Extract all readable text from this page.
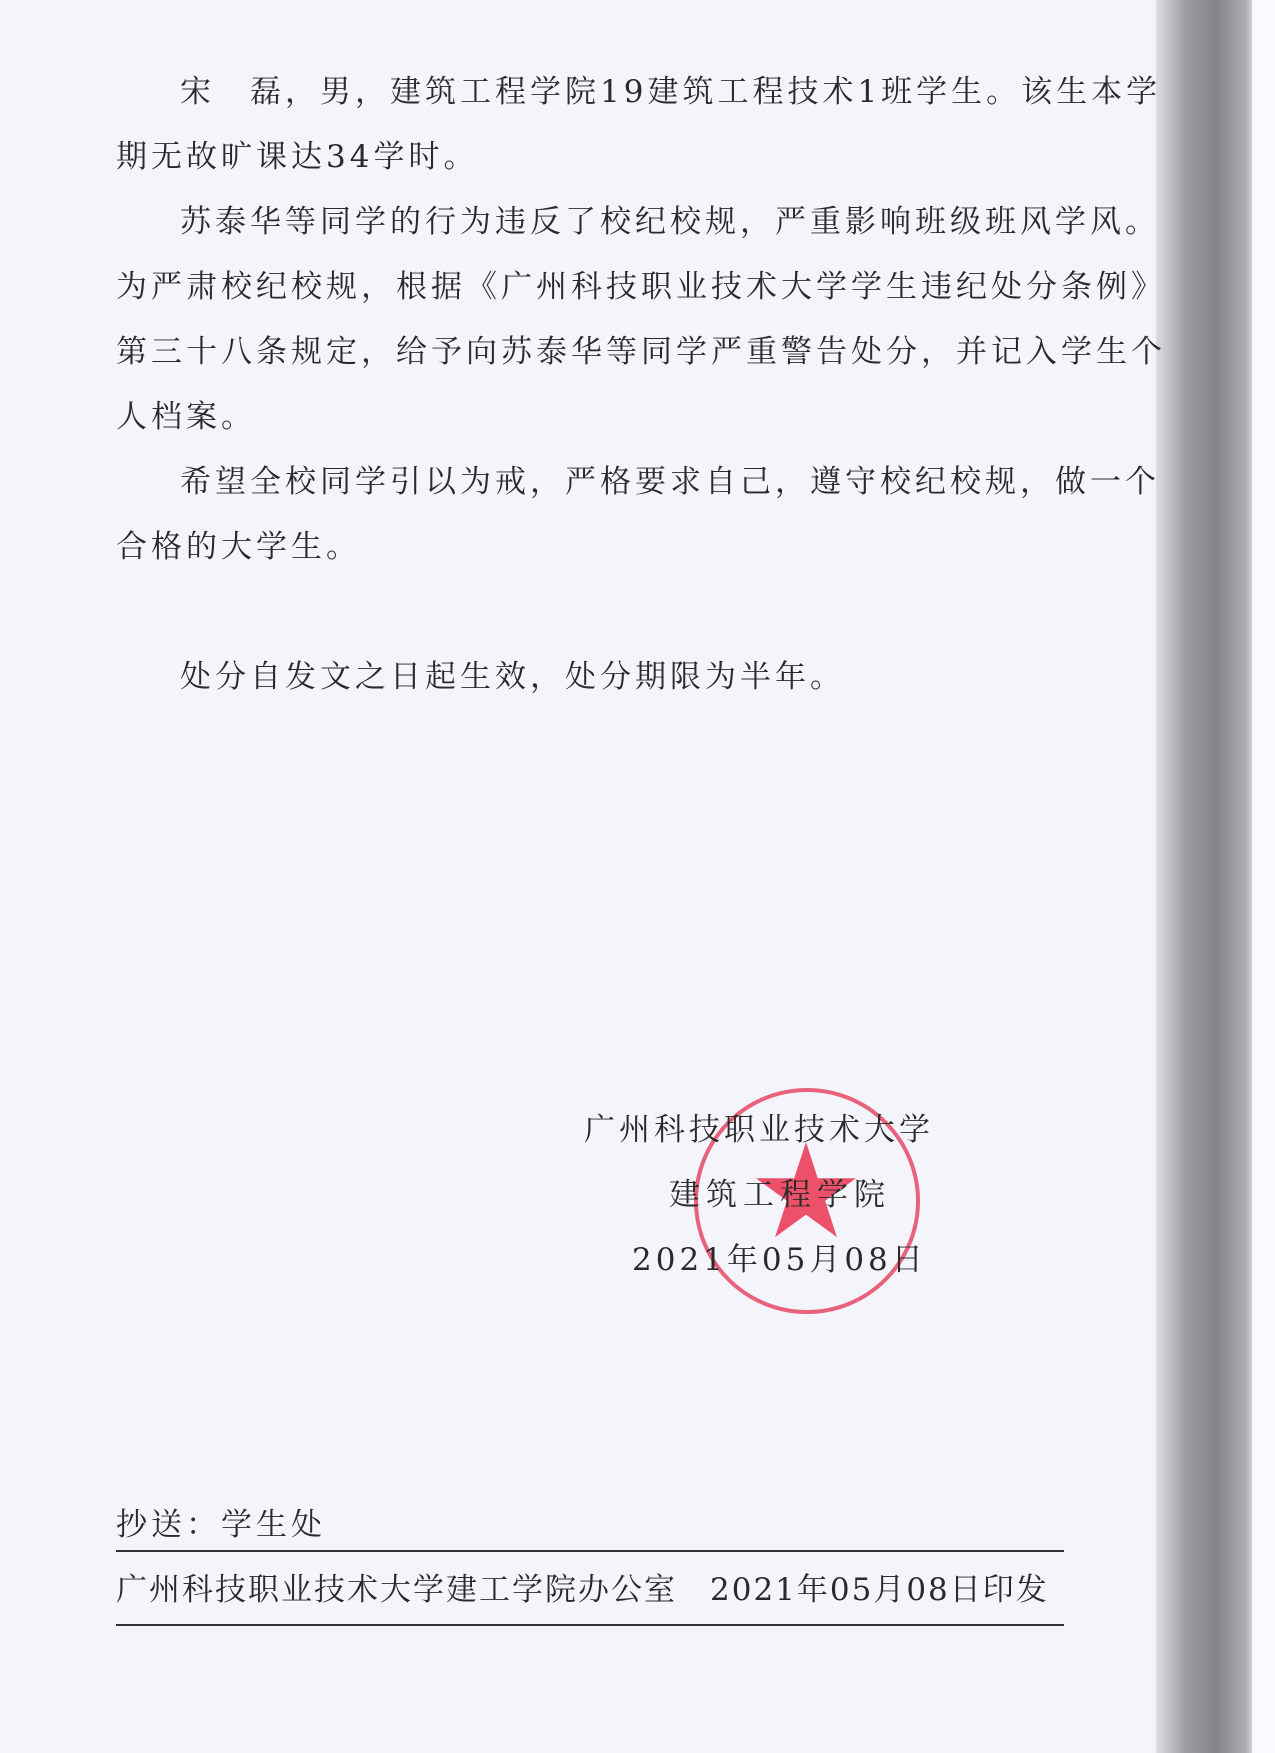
宋　磊，男，建筑工程学院19建筑工程技术1班学生。该生本学
期无故旷课达34学时。
苏泰华等同学的行为违反了校纪校规，严重影响班级班风学风。
为严肃校纪校规，根据《广州科技职业技术大学学生违纪处分条例》
第三十八条规定，给予向苏泰华等同学严重警告处分，并记入学生个
人档案。
希望全校同学引以为戒，严格要求自己，遵守校纪校规，做一个
合格的大学生。
处分自发文之日起生效，处分期限为半年。
广州科技职业技术大学
建筑工程学院
2021年05月08日
抄送：学生处
广州科技职业技术大学建工学院办公室　2021年05月08日印发
